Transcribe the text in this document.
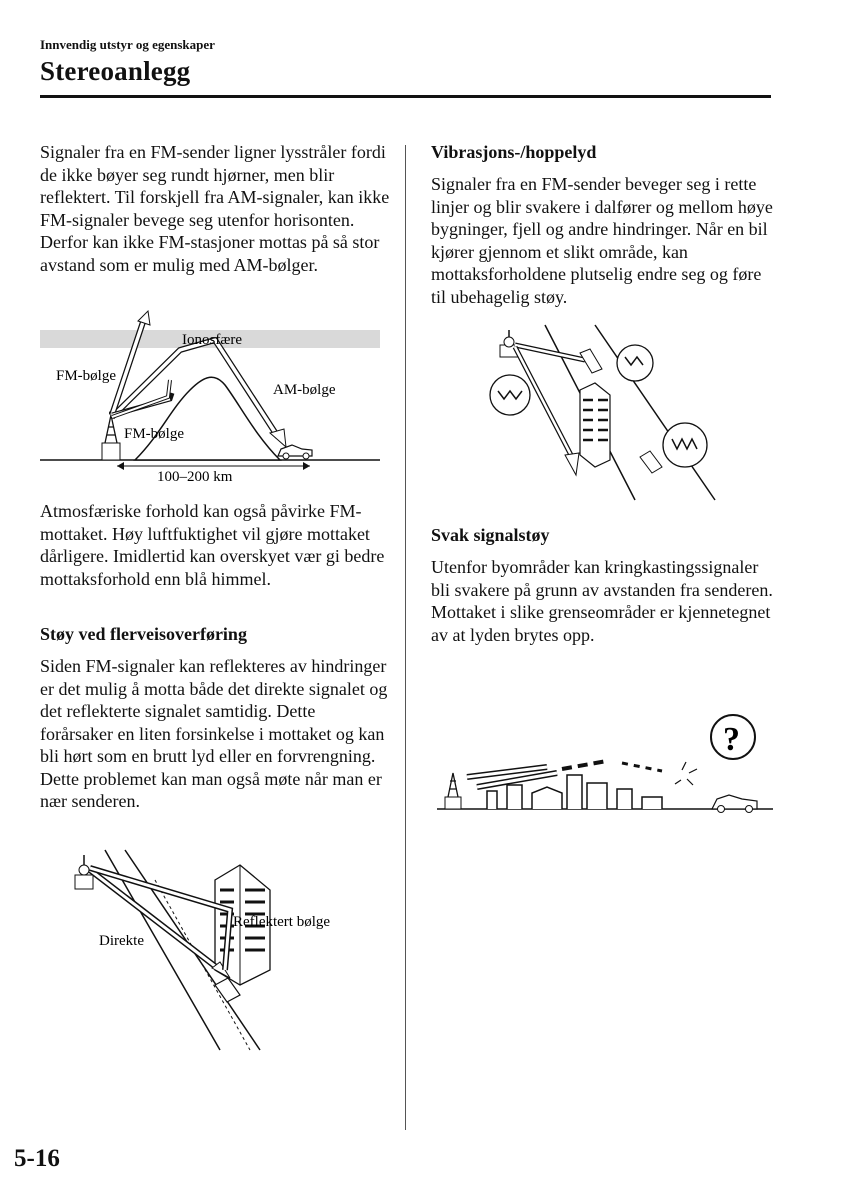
Innvendig utstyr og egenskaper
Stereoanlegg

Signaler fra en FM-sender ligner lysstråler fordi de ikke bøyer seg rundt hjørner, men blir reflektert. Til forskjell fra AM-signaler, kan ikke FM-signaler bevege seg utenfor horisonten. Derfor kan ikke FM-stasjoner mottas på så stor avstand som er mulig med AM-bølger.

Ionosfære
FM-bølge
AM-bølge
FM-bølge
100–200 km

Atmosfæriske forhold kan også påvirke FM-mottaket. Høy luftfuktighet vil gjøre mottaket dårligere. Imidlertid kan overskyet vær gi bedre mottaksforhold enn blå himmel.

Støy ved flerveisoverføring

Siden FM-signaler kan reflekteres av hindringer er det mulig å motta både det direkte signalet og det reflekterte signalet samtidig. Dette forårsaker en liten forsinkelse i mottaket og kan bli hørt som en brutt lyd eller en forvrengning. Dette problemet kan man også møte når man er nær senderen.

Reflektert bølge
Direkte
Vibrasjons-/hoppelyd

Signaler fra en FM-sender beveger seg i rette linjer og blir svakere i dalfører og mellom høye bygninger, fjell og andre hindringer. Når en bil kjører gjennom et slikt område, kan mottaksforholdene plutselig endre seg og føre til ubehagelig støy.

Svak signalstøy

Utenfor byområder kan kringkastingssignaler bli svakere på grunn av avstanden fra senderen. Mottaket i slike grenseområder er kjennetegnet av at lyden brytes opp.

?
5-16
